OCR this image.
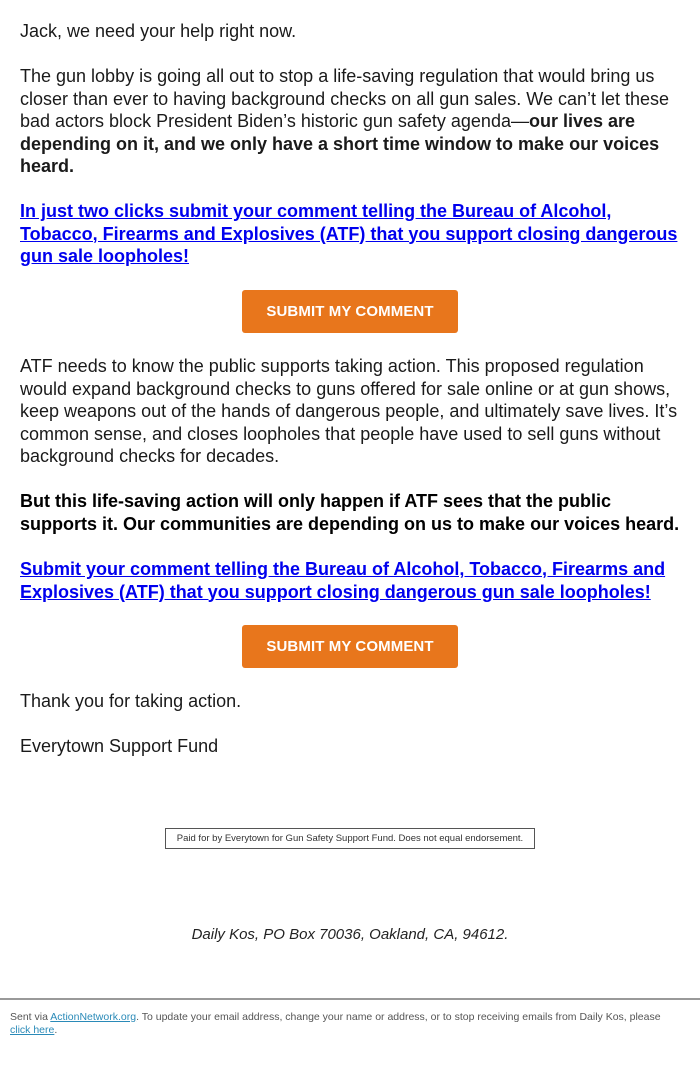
Jack, we need your help right now.

The gun lobby is going all out to stop a life-saving regulation that would bring us closer than ever to having background checks on all gun sales. We can’t let these bad actors block President Biden’s historic gun safety agenda—our lives are depending on it, and we only have a short time window to make our voices heard.

In just two clicks submit your comment telling the Bureau of Alcohol, Tobacco, Firearms and Explosives (ATF) that you support closing dangerous gun sale loopholes!

ATF needs to know the public supports taking action. This proposed regulation would expand background checks to guns offered for sale online or at gun shows, keep weapons out of the hands of dangerous people, and ultimately save lives. It’s common sense, and closes loopholes that people have used to sell guns without background checks for decades.

But this life-saving action will only happen if ATF sees that the public supports it. Our communities are depending on us to make our voices heard.

Submit your comment telling the Bureau of Alcohol, Tobacco, Firearms and Explosives (ATF) that you support closing dangerous gun sale loopholes!

Thank you for taking action.

Everytown Support Fund

SUBMIT MY COMMENT
SUBMIT MY COMMENT
Paid for by Everytown for Gun Safety Support Fund. Does not equal endorsement.
Daily Kos, PO Box 70036, Oakland, CA, 94612.
Sent via ActionNetwork.org. To update your email address, change your name or address, or to stop receiving emails from Daily Kos, please click here.
